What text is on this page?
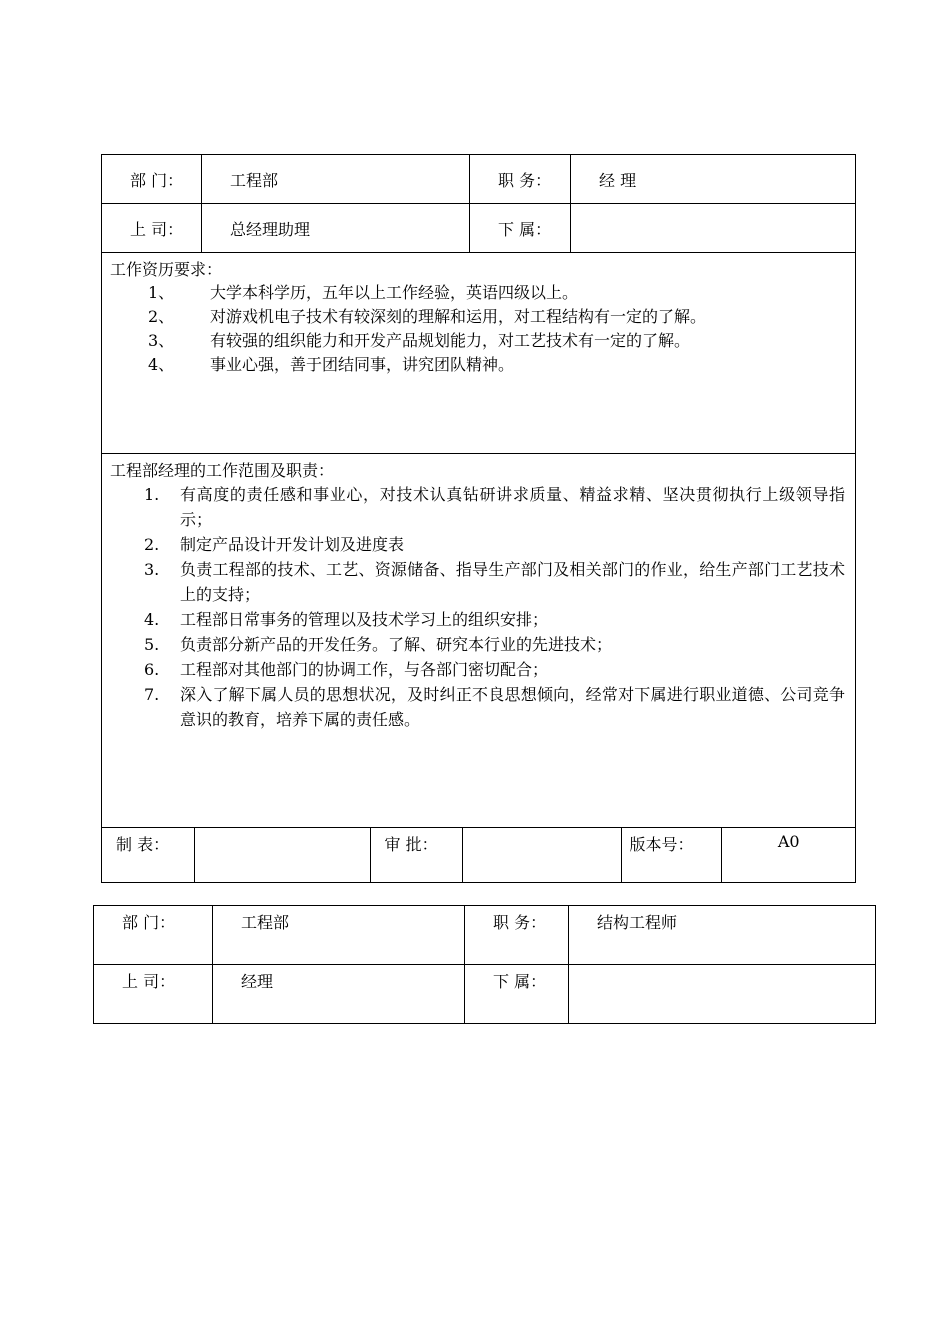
部 门：	工程部	职 务：	经 理
上 司：	总经理助理	下 属：	

工作资历要求：
1、	大学本科学历，五年以上工作经验，英语四级以上。
2、	对游戏机电子技术有较深刻的理解和运用，对工程结构有一定的了解。
3、	有较强的组织能力和开发产品规划能力，对工艺技术有一定的了解。
4、	事业心强，善于团结同事，讲究团队精神。

工程部经理的工作范围及职责：
1.	有高度的责任感和事业心，对技术认真钻研讲求质量、精益求精、坚决贯彻执行上级领导指示；
2.	制定产品设计开发计划及进度表
3.	负责工程部的技术、工艺、资源储备、指导生产部门及相关部门的作业，给生产部门工艺技术上的支持；
4.	工程部日常事务的管理以及技术学习上的组织安排；
5.	负责部分新产品的开发任务。了解、研究本行业的先进技术；
6.	工程部对其他部门的协调工作，与各部门密切配合；
7.	深入了解下属人员的思想状况，及时纠正不良思想倾向，经常对下属进行职业道德、公司竞争意识的教育，培养下属的责任感。

制 表：		审 批：		版本号：	A0
部 门：	工程部	职 务：	结构工程师
上 司：	经理	下 属：	
